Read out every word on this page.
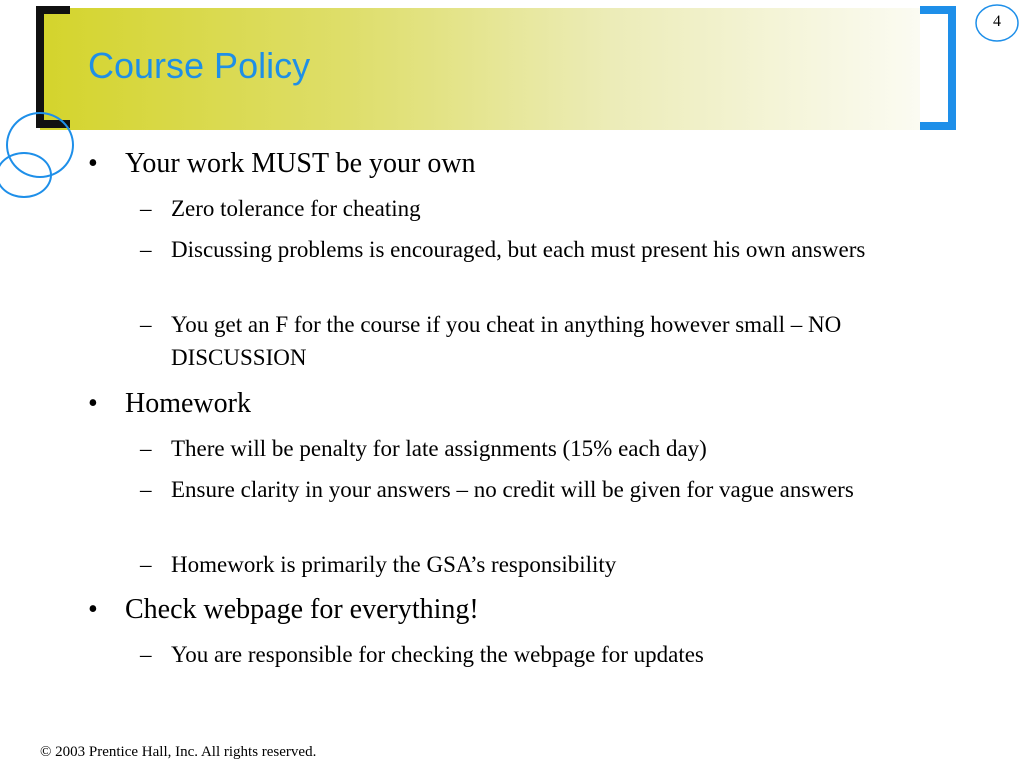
4
Course Policy
• Your work MUST be your own
– Zero tolerance for cheating
– Discussing problems is encouraged, but each must present his own answers
– You get an F for the course if you cheat in anything however small – NO DISCUSSION
• Homework
– There will be penalty for late assignments (15% each day)
– Ensure clarity in your answers – no credit will be given for vague answers
– Homework is primarily the GSA’s responsibility
• Check webpage for everything!
– You are responsible for checking the webpage for updates
© 2003 Prentice Hall, Inc. All rights reserved.
